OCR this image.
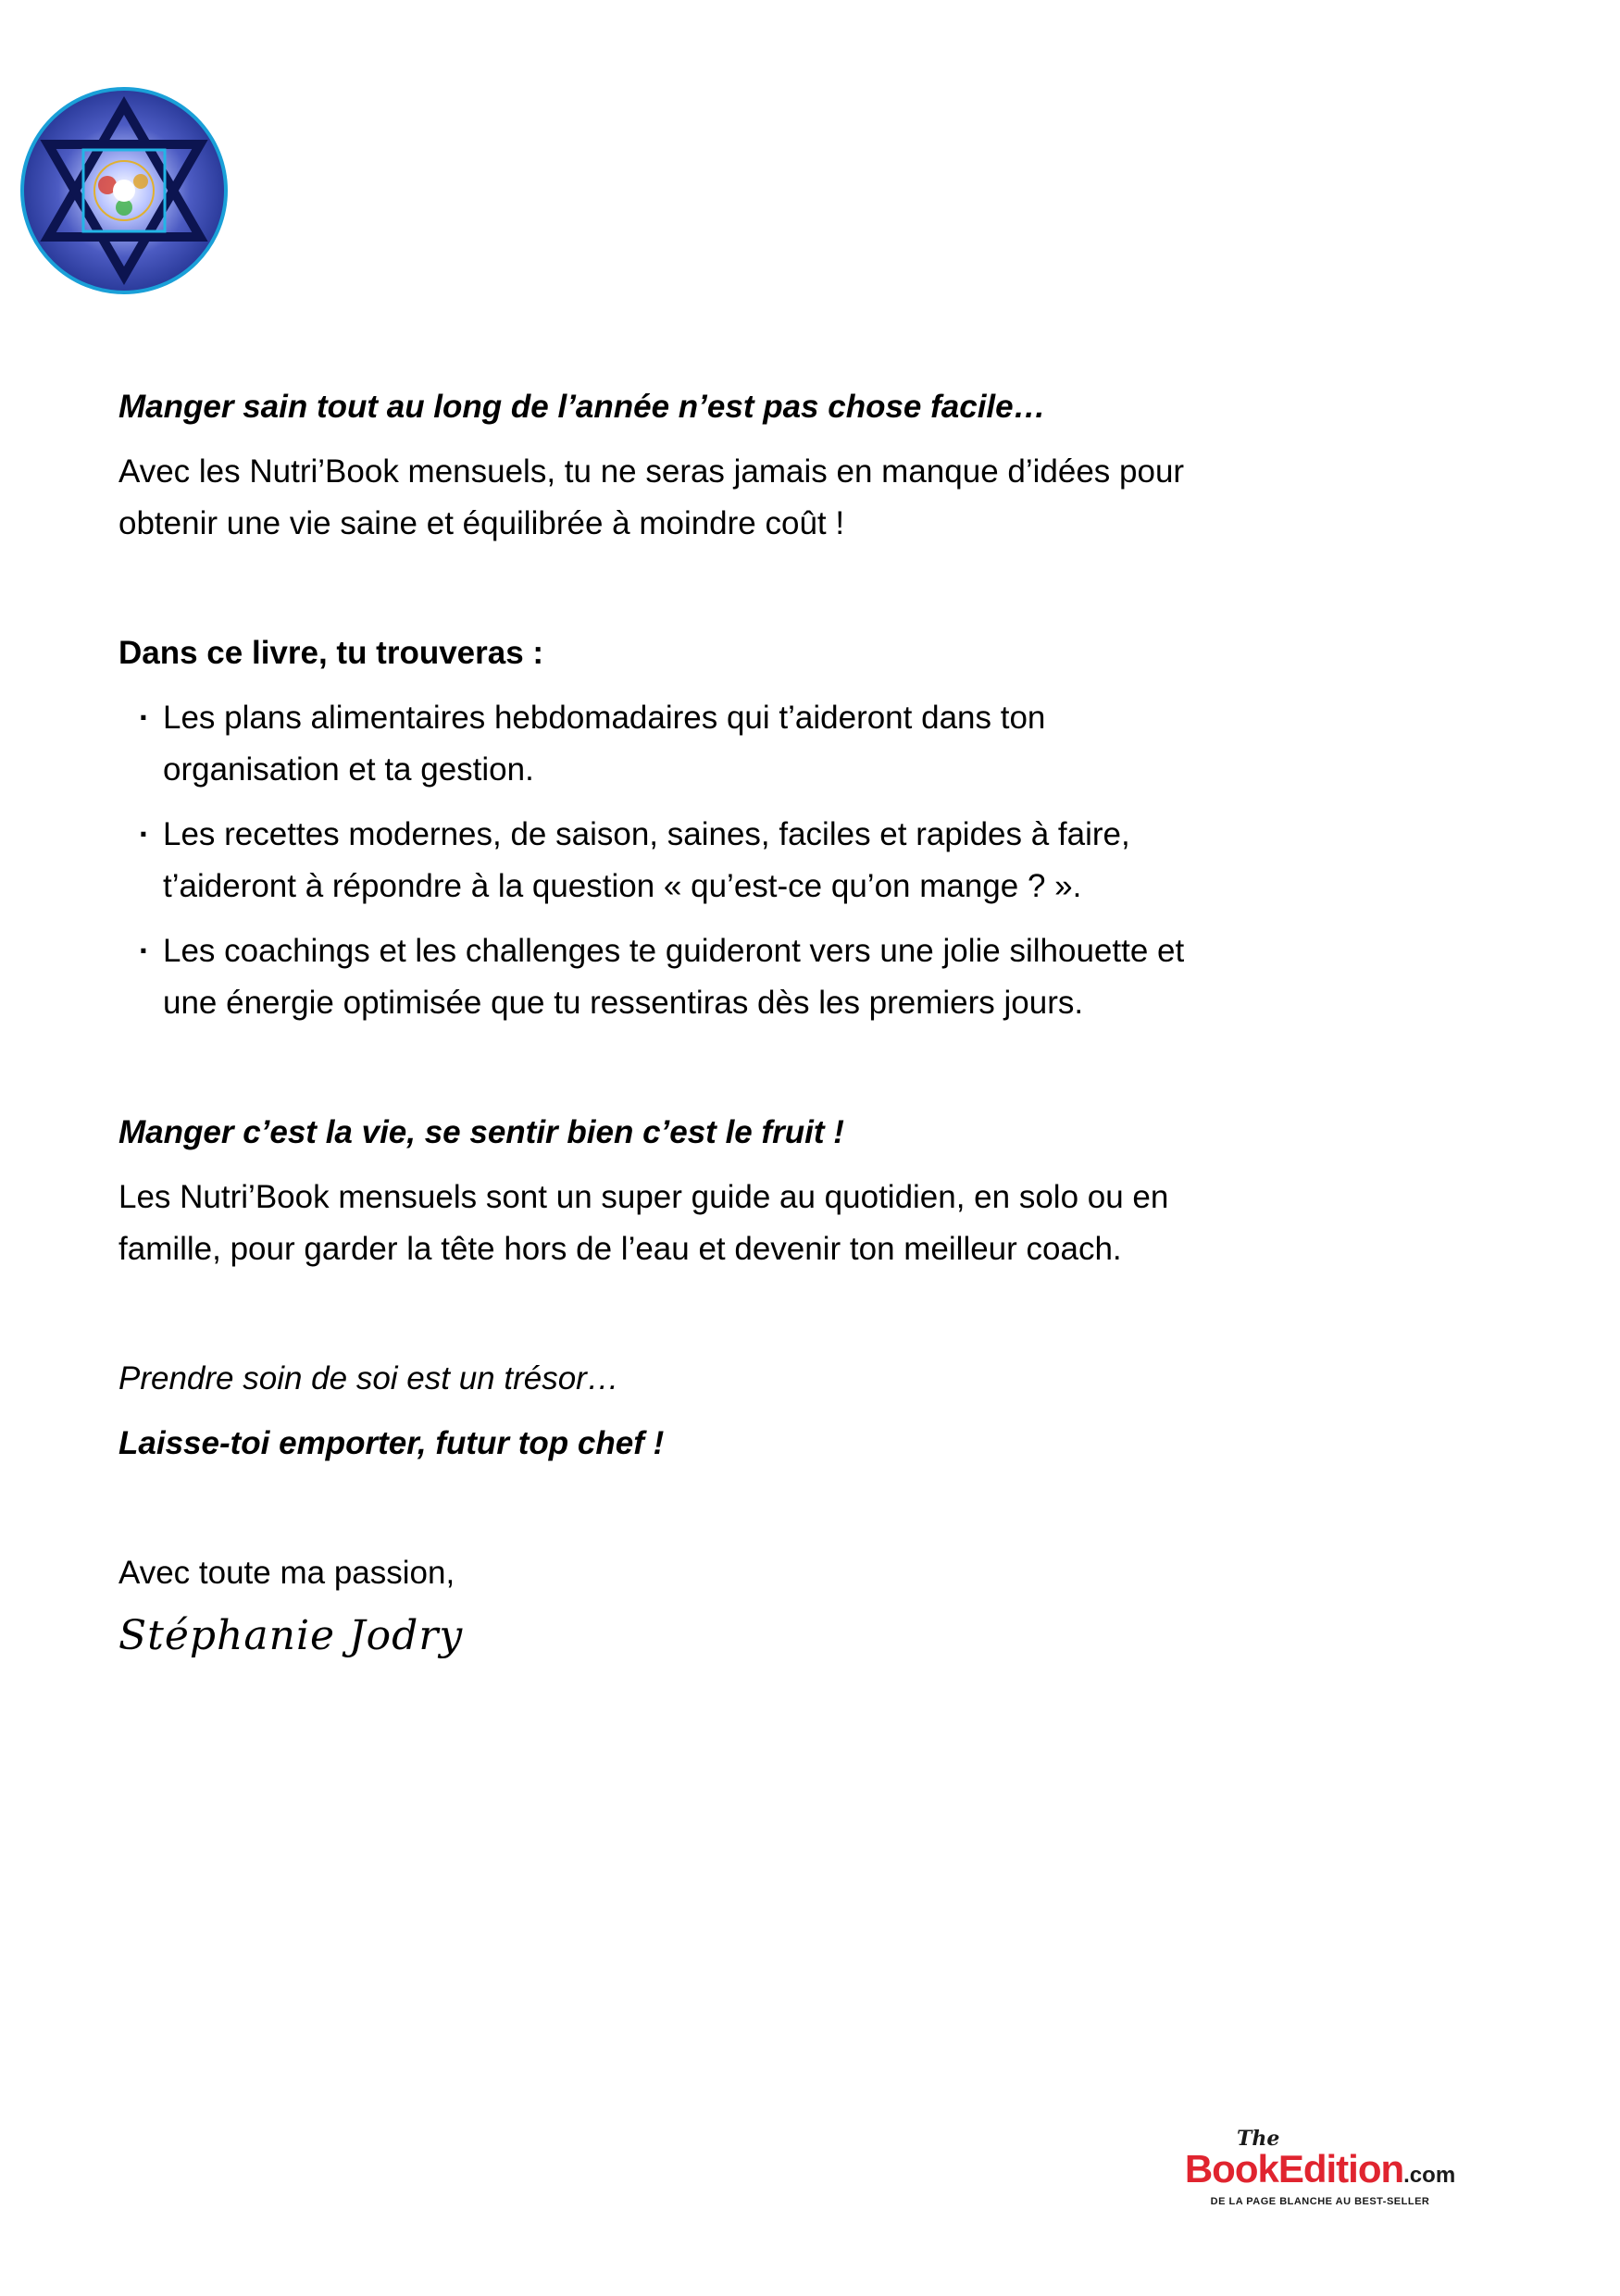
Manger sain tout au long de l’année n’est pas chose facile…

Avec les Nutri’Book mensuels, tu ne seras jamais en manque d’idées pour

obtenir une vie saine et équilibrée à moindre coût !

Dans ce livre, tu trouveras :

· Les plans alimentaires hebdomadaires qui t’aideront dans ton

organisation et ta gestion.

· Les recettes modernes, de saison, saines, faciles et rapides à faire,

t’aideront à répondre à la question « qu’est-ce qu’on mange ? ».

· Les coachings et les challenges te guideront vers une jolie silhouette et

une énergie optimisée que tu ressentiras dès les premiers jours.

Manger c’est la vie, se sentir bien c’est le fruit !

Les Nutri’Book mensuels sont un super guide au quotidien, en solo ou en

famille, pour garder la tête hors de l’eau et devenir ton meilleur coach.

Prendre soin de soi est un trésor…

Laisse-toi emporter, futur top chef !

Avec toute ma passion,

Stéphanie Jodry

The
BookEdition.com
DE LA PAGE BLANCHE AU BEST-SELLER
